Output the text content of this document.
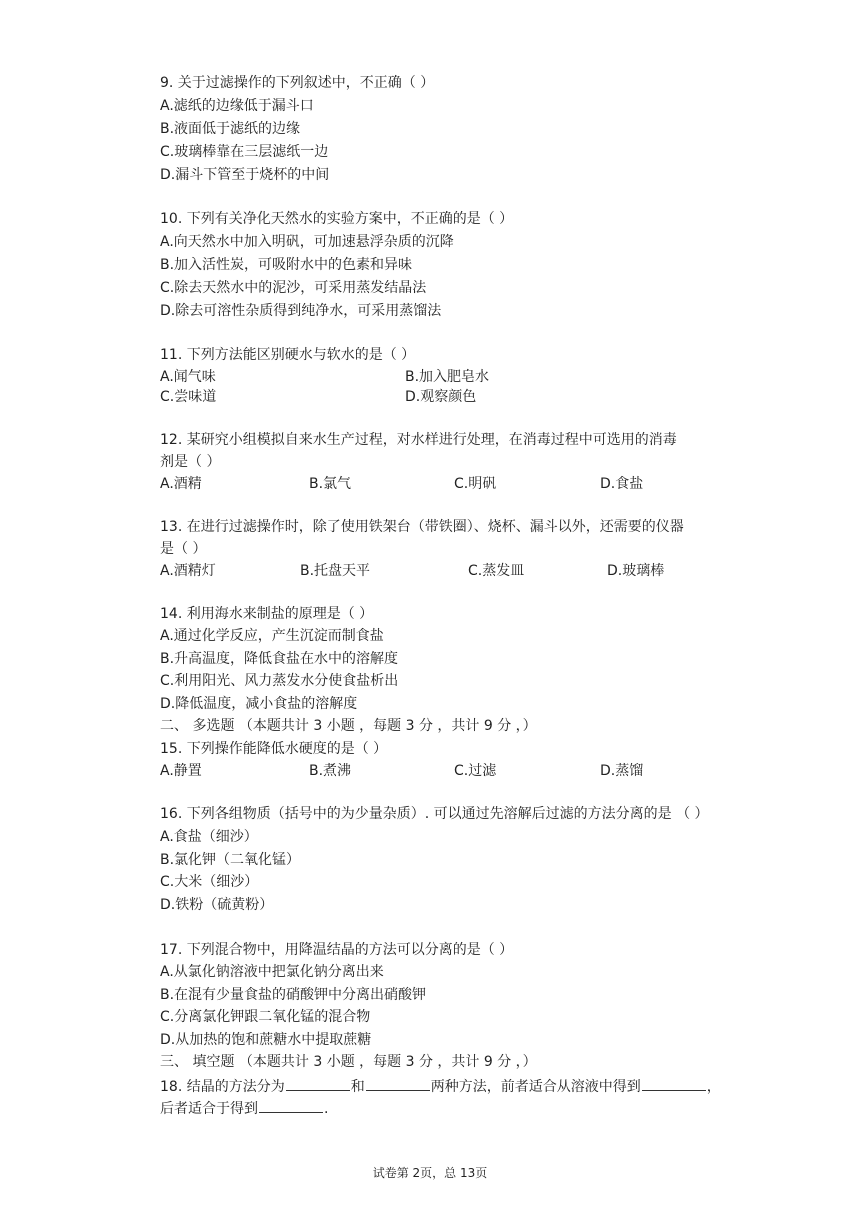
9. 关于过滤操作的下列叙述中，不正确（ ）
A.滤纸的边缘低于漏斗口
B.液面低于滤纸的边缘
C.玻璃棒靠在三层滤纸一边
D.漏斗下管至于烧杯的中间
10. 下列有关净化天然水的实验方案中，不正确的是（ ）
A.向天然水中加入明矾，可加速悬浮杂质的沉降
B.加入活性炭，可吸附水中的色素和异味
C.除去天然水中的泥沙，可采用蒸发结晶法
D.除去可溶性杂质得到纯净水，可采用蒸馏法
11. 下列方法能区别硬水与软水的是（ ）
A.闻气味	B.加入肥皂水
C.尝味道	D.观察颜色
12. 某研究小组模拟自来水生产过程，对水样进行处理，在消毒过程中可选用的消毒
剂是（ ）
A.酒精	B.氯气	C.明矾	D.食盐
13. 在进行过滤操作时，除了使用铁架台（带铁圈）、烧杯、漏斗以外，还需要的仪器
是（ ）
A.酒精灯	B.托盘天平	C.蒸发皿	D.玻璃棒
14. 利用海水来制盐的原理是（ ）
A.通过化学反应，产生沉淀而制食盐
B.升高温度，降低食盐在水中的溶解度
C.利用阳光、风力蒸发水分使食盐析出
D.降低温度，减小食盐的溶解度
二、 多选题 （本题共计 3 小题 ，每题 3 分 ，共计 9 分 ，）
15. 下列操作能降低水硬度的是（ ）
A.静置	B.煮沸	C.过滤	D.蒸馏
16. 下列各组物质（括号中的为少量杂质）. 可以通过先溶解后过滤的方法分离的是 （ ）
A.食盐（细沙）
B.氯化钾（二氧化锰）
C.大米（细沙）
D.铁粉（硫黄粉）
17. 下列混合物中，用降温结晶的方法可以分离的是（ ）
A.从氯化钠溶液中把氯化钠分离出来
B.在混有少量食盐的硝酸钾中分离出硝酸钾
C.分离氯化钾跟二氧化锰的混合物
D.从加热的饱和蔗糖水中提取蔗糖
三、 填空题 （本题共计 3 小题 ，每题 3 分 ，共计 9 分 ，）
18. 结晶的方法分为	和	两种方法，前者适合从溶液中得到	，
后者适合于得到	.
试卷第 2页，总 13页
